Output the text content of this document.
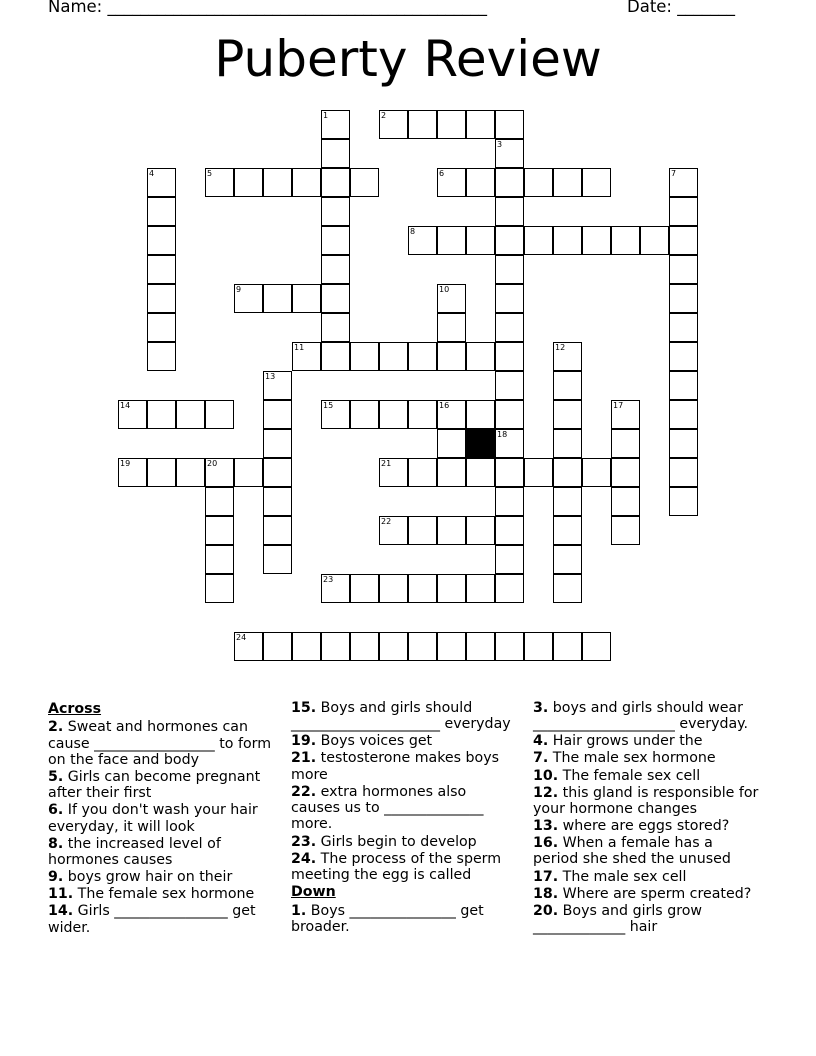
Name: ______________________________________________	Date: _______
Puberty Review
1	2
3
18
4	5	6	7
8
9	10
11	12
13
14	15	16	17
19	20	21
22
23
24
Across
2. Sweat and hormones can cause _________________ to form on the face and body
5. Girls can become pregnant after their first
6. If you don't wash your hair everyday, it will look
8. the increased level of hormones causes
9. boys grow hair on their
11. The female sex hormone
14. Girls ________________ get wider.
15. Boys and girls should _____________________ everyday
19. Boys voices get
21. testosterone makes boys more
22. extra hormones also causes us to ______________ more.
23. Girls begin to develop
24. The process of the sperm meeting the egg is called
Down
1. Boys _______________ get broader.
3. boys and girls should wear ____________________ everyday.
4. Hair grows under the
7. The male sex hormone
10. The female sex cell
12. this gland is responsible for your hormone changes
13. where are eggs stored?
16. When a female has a period she shed the unused
17. The male sex cell
18. Where are sperm created?
20. Boys and girls grow _____________ hair
